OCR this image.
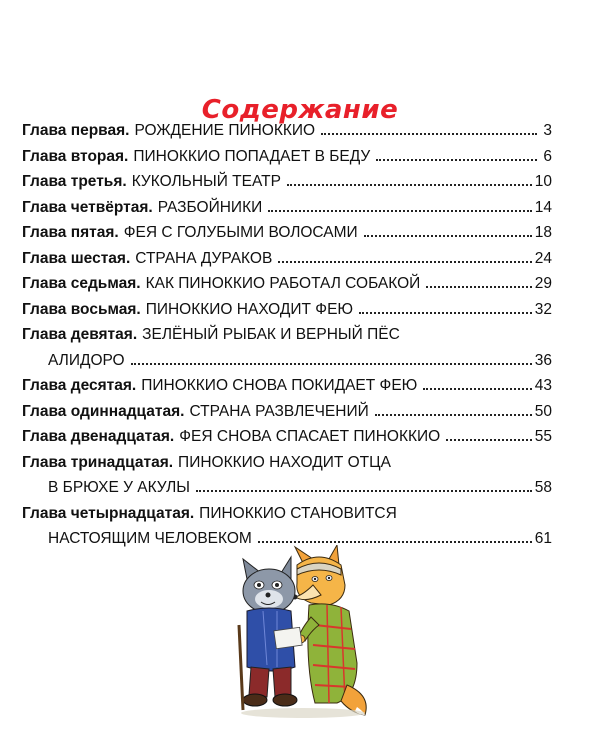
Содержание
Глава первая. РОЖДЕНИЕ ПИНОККИО	3
Глава вторая. ПИНОККИО ПОПАДАЕТ В БЕДУ	6
Глава третья. КУКОЛЬНЫЙ ТЕАТР	10
Глава четвёртая. РАЗБОЙНИКИ	14
Глава пятая. ФЕЯ С ГОЛУБЫМИ ВОЛОСАМИ	18
Глава шестая. СТРАНА ДУРАКОВ	24
Глава седьмая. КАК ПИНОККИО РАБОТАЛ СОБАКОЙ	29
Глава восьмая. ПИНОККИО НАХОДИТ ФЕЮ	32
Глава девятая. ЗЕЛЁНЫЙ РЫБАК И ВЕРНЫЙ ПЁС
АЛИДОРО	36
Глава десятая. ПИНОККИО СНОВА ПОКИДАЕТ ФЕЮ	43
Глава одиннадцатая. СТРАНА РАЗВЛЕЧЕНИЙ	50
Глава двенадцатая. ФЕЯ СНОВА СПАСАЕТ ПИНОККИО	55
Глава тринадцатая. ПИНОККИО НАХОДИТ ОТЦА
В БРЮХЕ У АКУЛЫ	58
Глава четырнадцатая. ПИНОККИО СТАНОВИТСЯ
НАСТОЯЩИМ ЧЕЛОВЕКОМ	61
